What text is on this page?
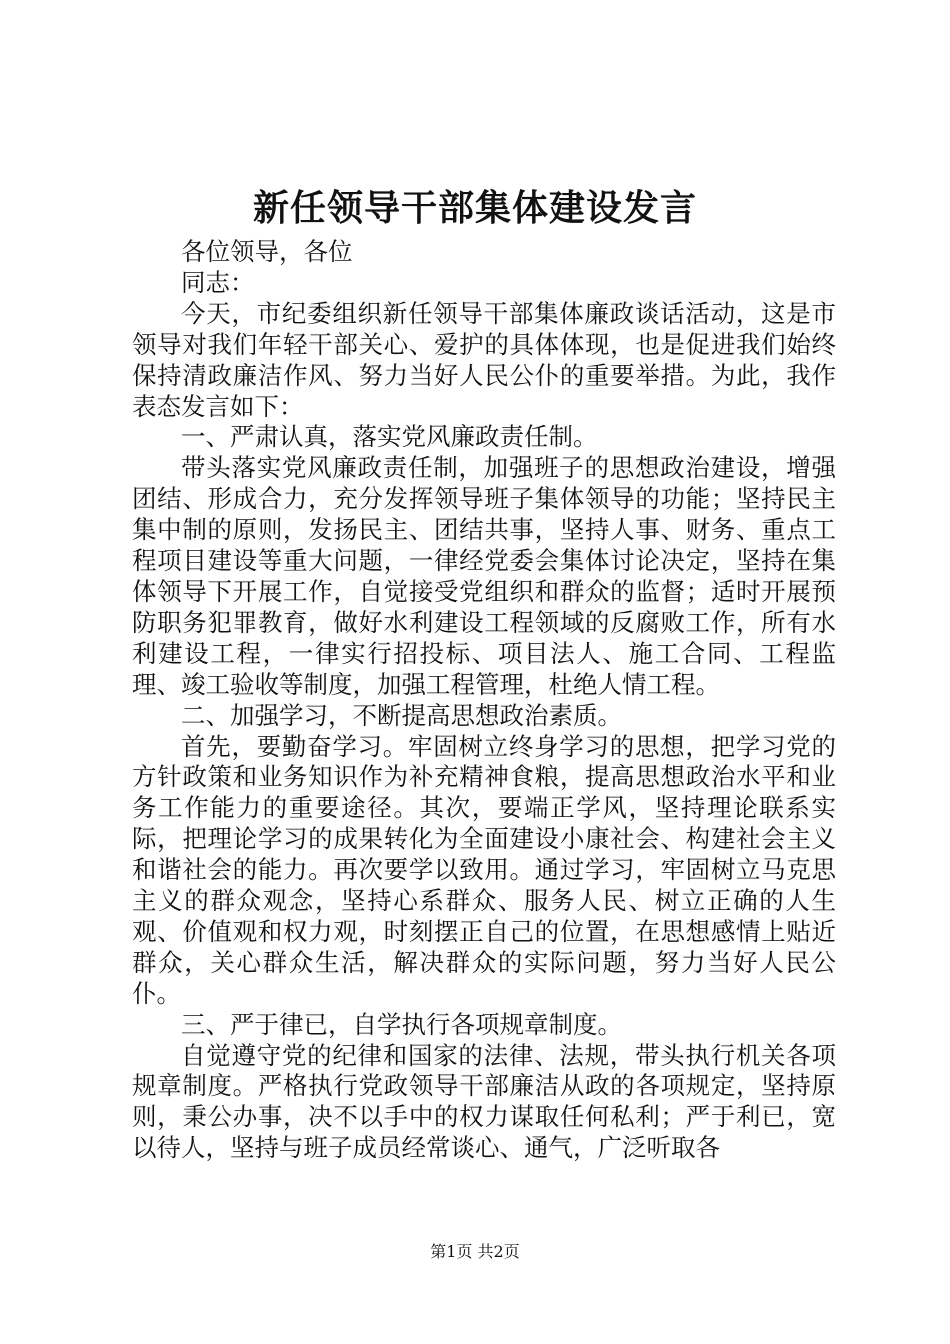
新任领导干部集体建设发言

各位领导，各位

同志：

今天，市纪委组织新任领导干部集体廉政谈话活动，这是市领导对我们年轻干部关心、爱护的具体体现，也是促进我们始终保持清政廉洁作风、努力当好人民公仆的重要举措。为此，我作表态发言如下：

一、严肃认真，落实党风廉政责任制。

带头落实党风廉政责任制，加强班子的思想政治建设，增强团结、形成合力，充分发挥领导班子集体领导的功能；坚持民主集中制的原则，发扬民主、团结共事，坚持人事、财务、重点工程项目建设等重大问题，一律经党委会集体讨论决定，坚持在集体领导下开展工作，自觉接受党组织和群众的监督；适时开展预防职务犯罪教育，做好水利建设工程领域的反腐败工作，所有水利建设工程，一律实行招投标、项目法人、施工合同、工程监理、竣工验收等制度，加强工程管理，杜绝人情工程。

二、加强学习，不断提高思想政治素质。

首先，要勤奋学习。牢固树立终身学习的思想，把学习党的方针政策和业务知识作为补充精神食粮，提高思想政治水平和业务工作能力的重要途径。其次，要端正学风，坚持理论联系实际，把理论学习的成果转化为全面建设小康社会、构建社会主义和谐社会的能力。再次要学以致用。通过学习，牢固树立马克思主义的群众观念，坚持心系群众、服务人民、树立正确的人生观、价值观和权力观，时刻摆正自己的位置，在思想感情上贴近群众，关心群众生活，解决群众的实际问题，努力当好人民公仆。

三、严于律已，自学执行各项规章制度。

自觉遵守党的纪律和国家的法律、法规，带头执行机关各项规章制度。严格执行党政领导干部廉洁从政的各项规定，坚持原则，秉公办事，决不以手中的权力谋取任何私利；严于利已，宽以待人，坚持与班子成员经常谈心、通气，广泛听取各

第1页 共2页
